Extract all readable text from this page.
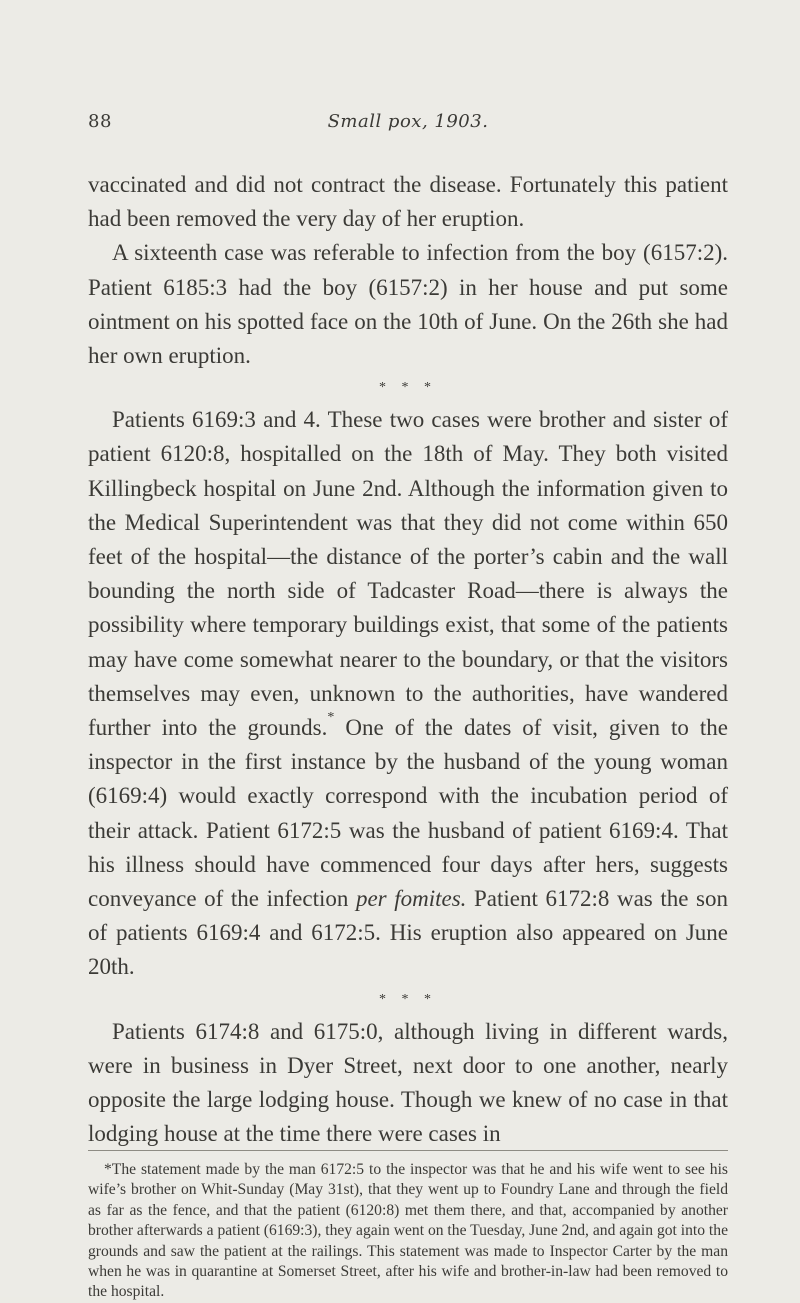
88	Small pox, 1903.

vaccinated and did not contract the disease. Fortunately this patient had been removed the very day of her eruption.

A sixteenth case was referable to infection from the boy (6157:2). Patient 6185:3 had the boy (6157:2) in her house and put some ointment on his spotted face on the 10th of June. On the 26th she had her own eruption.

* * *

Patients 6169:3 and 4. These two cases were brother and sister of patient 6120:8, hospitalled on the 18th of May. They both visited Killingbeck hospital on June 2nd. Although the information given to the Medical Superintendent was that they did not come within 650 feet of the hospital—the distance of the porter’s cabin and the wall bounding the north side of Tadcaster Road—there is always the possibility where temporary buildings exist, that some of the patients may have come somewhat nearer to the boundary, or that the visitors themselves may even, unknown to the authorities, have wandered further into the grounds.* One of the dates of visit, given to the inspector in the first instance by the husband of the young woman (6169:4) would exactly correspond with the incubation period of their attack. Patient 6172:5 was the husband of patient 6169:4. That his illness should have commenced four days after hers, suggests conveyance of the infection per fomites. Patient 6172:8 was the son of patients 6169:4 and 6172:5. His eruption also appeared on June 20th.

* * *

Patients 6174:8 and 6175:0, although living in different wards, were in business in Dyer Street, next door to one another, nearly opposite the large lodging house. Though we knew of no case in that lodging house at the time there were cases in

*The statement made by the man 6172:5 to the inspector was that he and his wife went to see his wife’s brother on Whit-Sunday (May 31st), that they went up to Foundry Lane and through the field as far as the fence, and that the patient (6120:8) met them there, and that, accompanied by another brother afterwards a patient (6169:3), they again went on the Tuesday, June 2nd, and again got into the grounds and saw the patient at the railings. This statement was made to Inspector Carter by the man when he was in quarantine at Somerset Street, after his wife and brother-in-law had been removed to the hospital.
